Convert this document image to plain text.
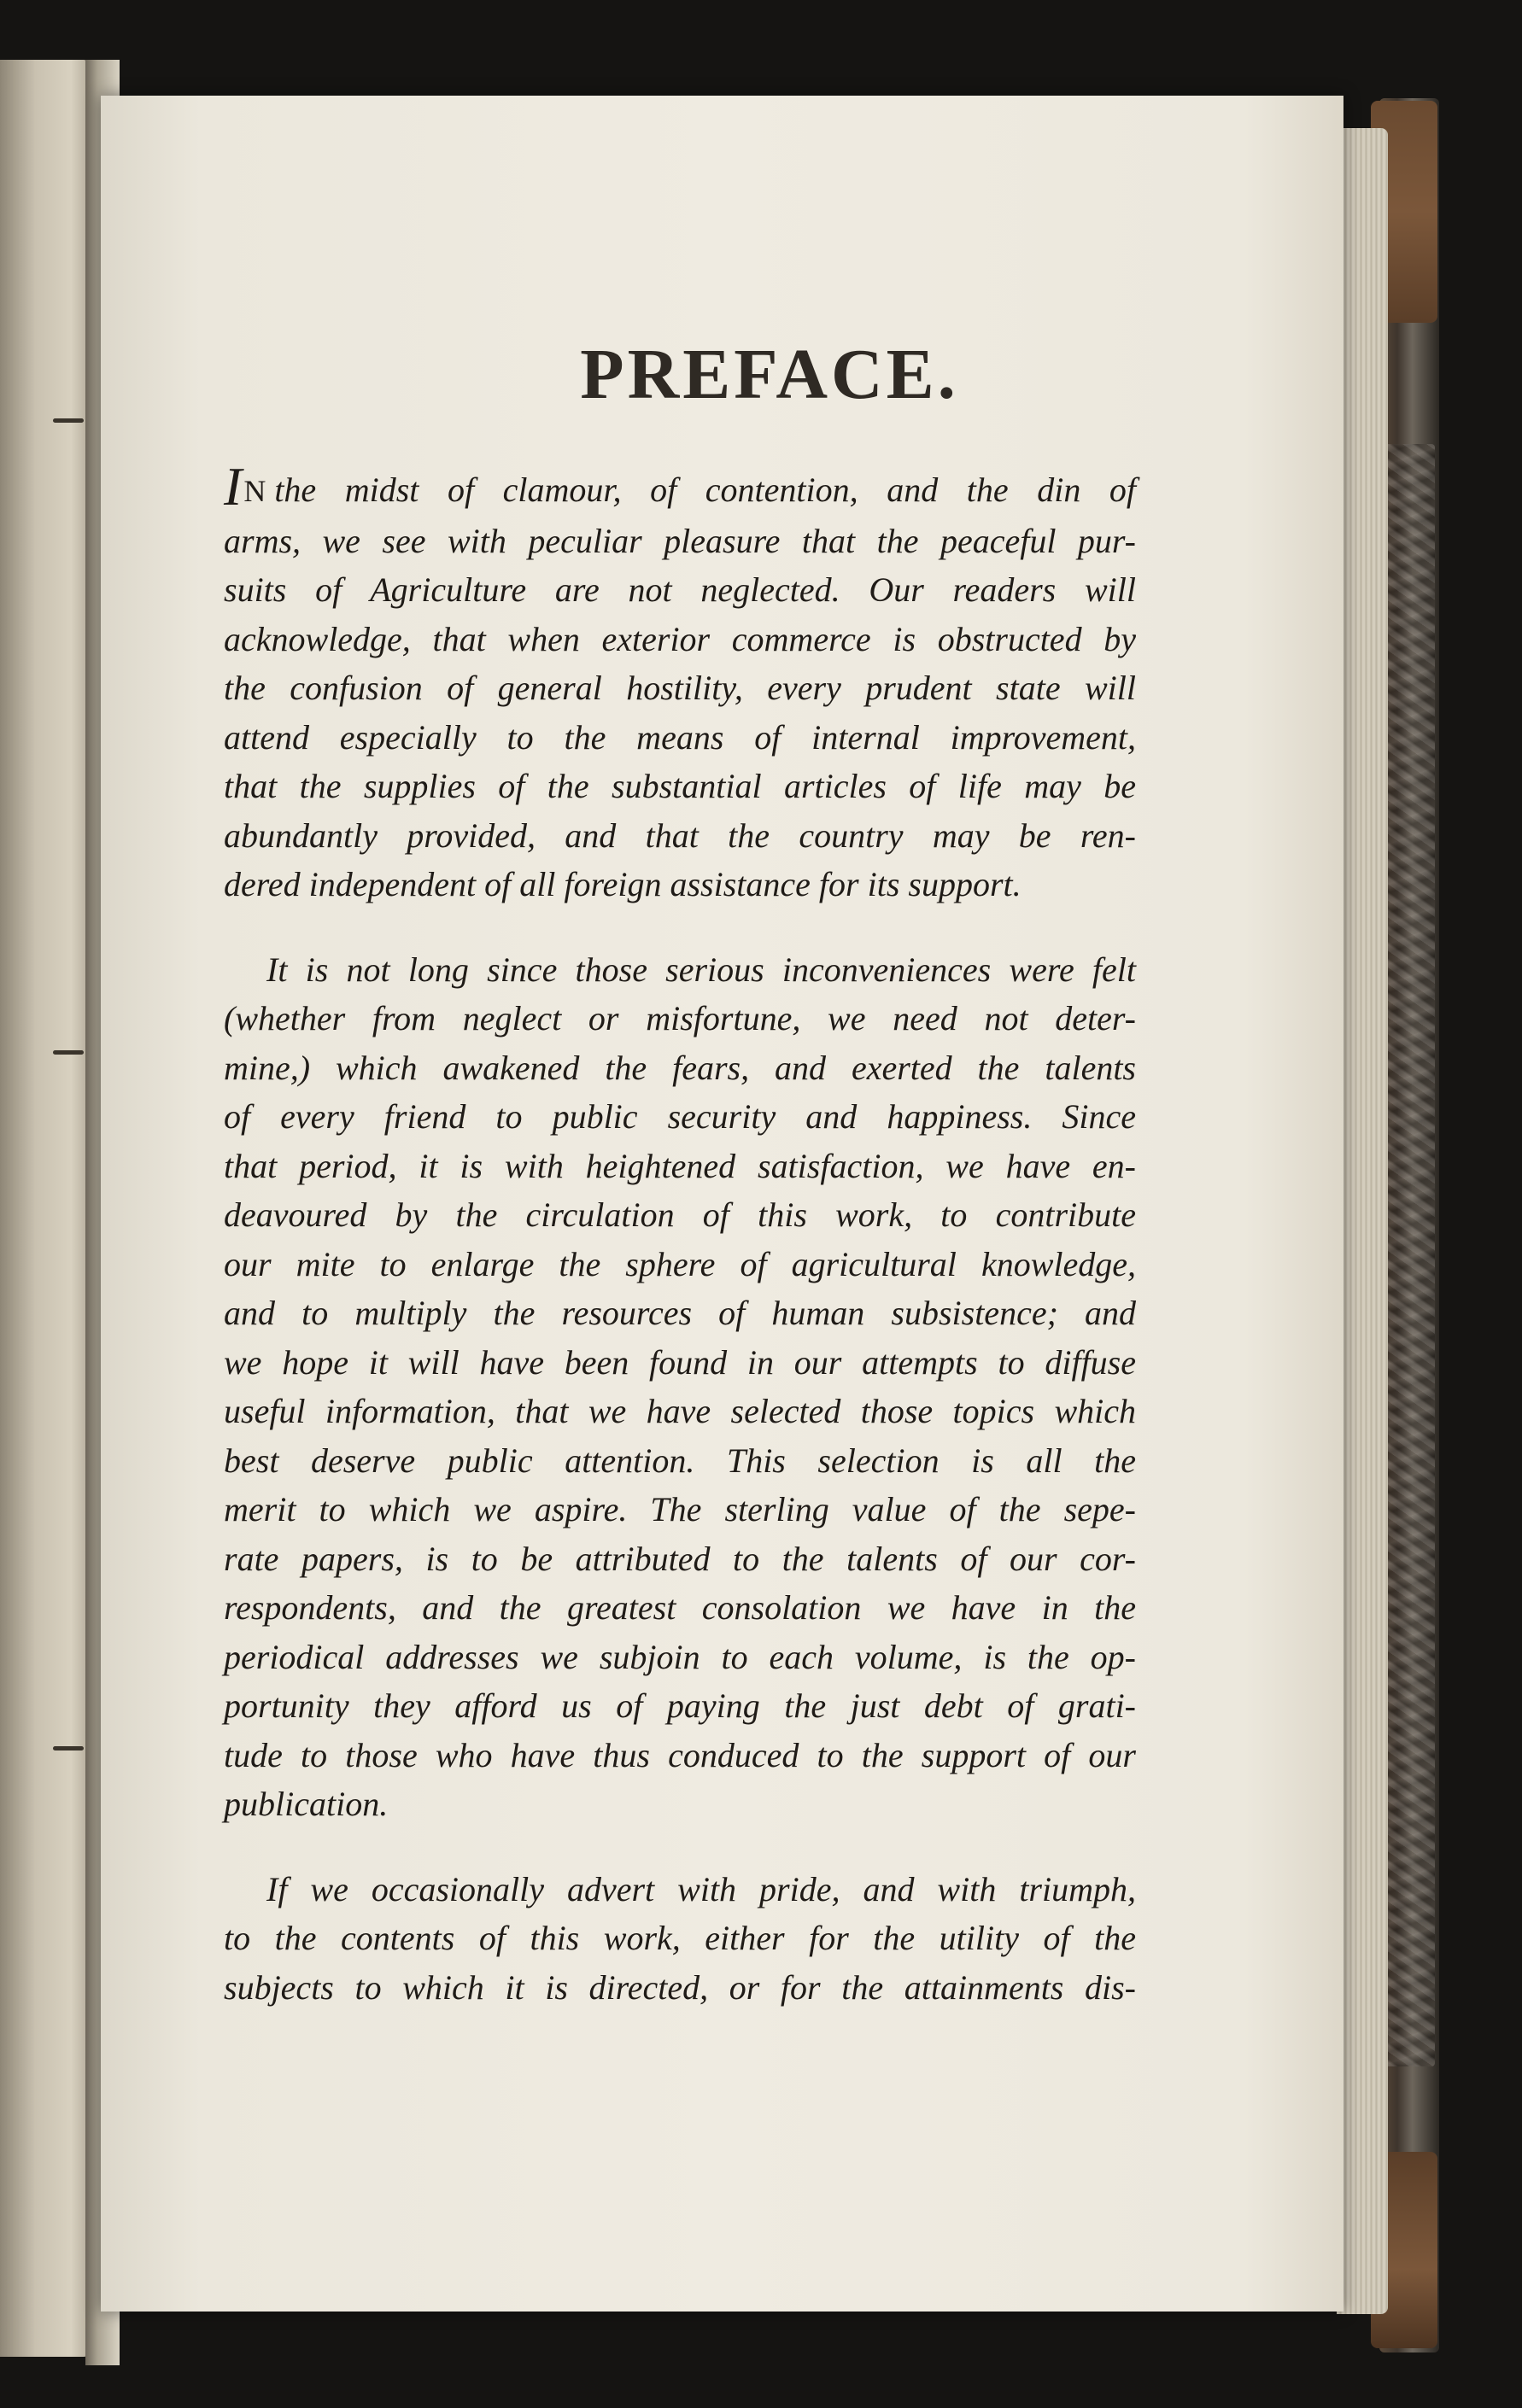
PREFACE.

IN the midst of clamour, of contention, and the din of

arms, we see with peculiar pleasure that the peaceful pur-

suits of Agriculture are not neglected. Our readers will

acknowledge, that when exterior commerce is obstructed by

the confusion of general hostility, every prudent state will

attend especially to the means of internal improvement,

that the supplies of the substantial articles of life may be

abundantly provided, and that the country may be ren-

dered independent of all foreign assistance for its support.

It is not long since those serious inconveniences were felt

(whether from neglect or misfortune, we need not deter-

mine,) which awakened the fears, and exerted the talents

of every friend to public security and happiness. Since

that period, it is with heightened satisfaction, we have en-

deavoured by the circulation of this work, to contribute

our mite to enlarge the sphere of agricultural knowledge,

and to multiply the resources of human subsistence; and

we hope it will have been found in our attempts to diffuse

useful information, that we have selected those topics which

best deserve public attention. This selection is all the

merit to which we aspire. The sterling value of the sepe-

rate papers, is to be attributed to the talents of our cor-

respondents, and the greatest consolation we have in the

periodical addresses we subjoin to each volume, is the op-

portunity they afford us of paying the just debt of grati-

tude to those who have thus conduced to the support of our

publication.

If we occasionally advert with pride, and with triumph,

to the contents of this work, either for the utility of the

subjects to which it is directed, or for the attainments dis-
